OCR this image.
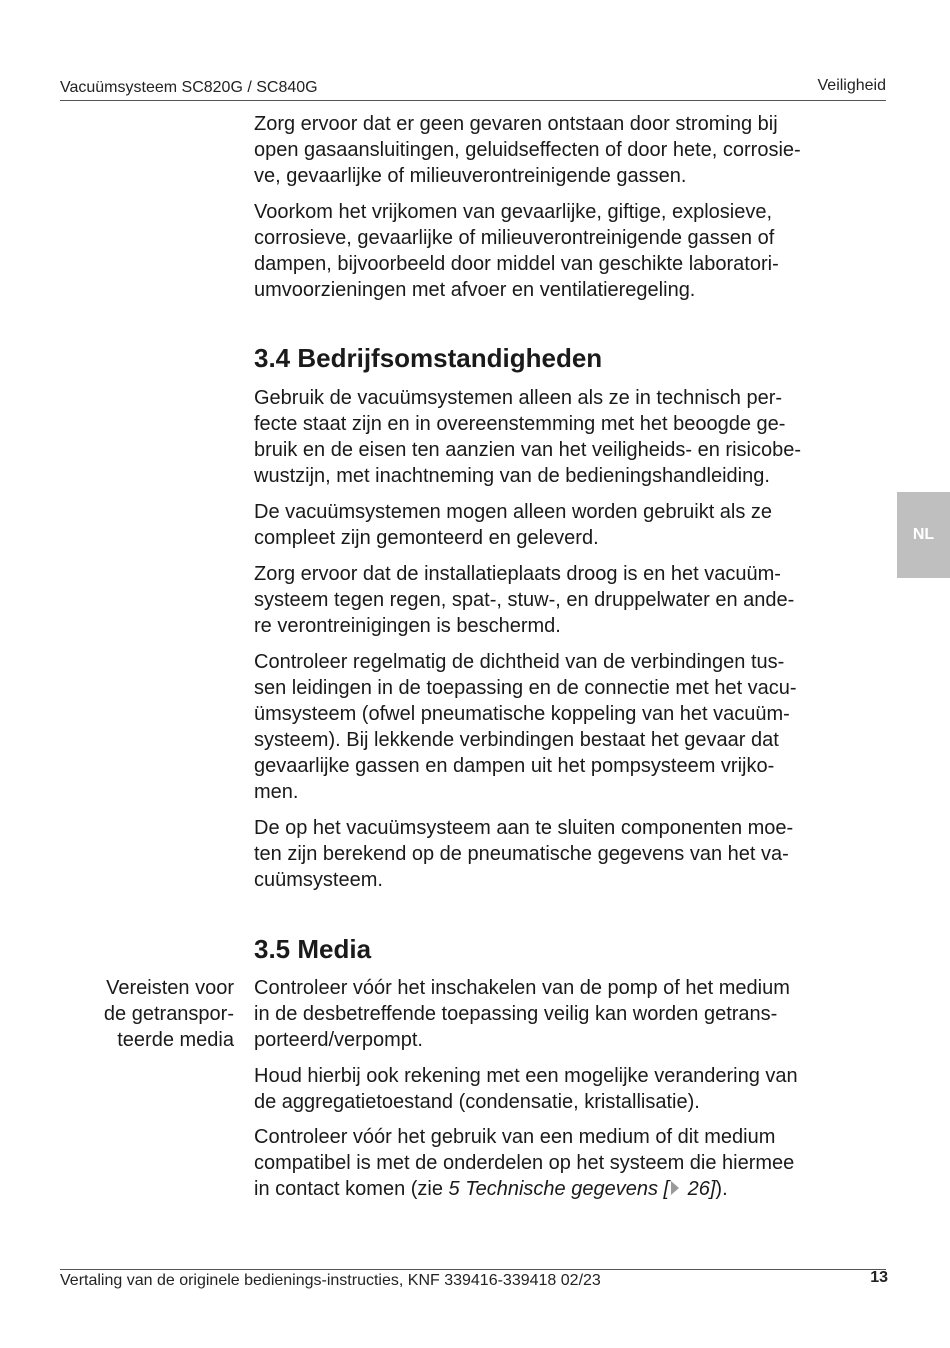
Vacuümsysteem SC820G / SC840G	Veiligheid

Zorg ervoor dat er geen gevaren ontstaan door stroming bij

open gasaansluitingen, geluidseffecten of door hete, corrosie-

ve, gevaarlijke of milieuverontreinigende gassen.

Voorkom het vrijkomen van gevaarlijke, giftige, explosieve,

corrosieve, gevaarlijke of milieuverontreinigende gassen of

dampen, bijvoorbeeld door middel van geschikte laboratori-

umvoorzieningen met afvoer en ventilatieregeling.

3.4 Bedrijfsomstandigheden

Gebruik de vacuümsystemen alleen als ze in technisch per-

fecte staat zijn en in overeenstemming met het beoogde ge-

bruik en de eisen ten aanzien van het veiligheids- en risicobe-

wustzijn, met inachtneming van de bedieningshandleiding.

De vacuümsystemen mogen alleen worden gebruikt als ze

compleet zijn gemonteerd en geleverd.

Zorg ervoor dat de installatieplaats droog is en het vacuüm-

systeem tegen regen, spat-, stuw-, en druppelwater en ande-

re verontreinigingen is beschermd.

Controleer regelmatig de dichtheid van de verbindingen tus-

sen leidingen in de toepassing en de connectie met het vacu-

ümsysteem (ofwel pneumatische koppeling van het vacuüm-

systeem). Bij lekkende verbindingen bestaat het gevaar dat

gevaarlijke gassen en dampen uit het pompsysteem vrijko-

men.

De op het vacuümsysteem aan te sluiten componenten moe-

ten zijn berekend op de pneumatische gegevens van het va-

cuümsysteem.

3.5 Media
Vereisten voor
de getranspor-
teerde media

Controleer vóór het inschakelen van de pomp of het medium

in de desbetreffende toepassing veilig kan worden getrans-

porteerd/verpompt.

Houd hierbij ook rekening met een mogelijke verandering van

de aggregatietoestand (condensatie, kristallisatie).

Controleer vóór het gebruik van een medium of dit medium

compatibel is met de onderdelen op het systeem die hiermee

in contact komen (zie 5 Technische gegevens [ 26]).

NL
Vertaling van de originele bedienings-instructies, KNF 339416-339418 02/23	13
